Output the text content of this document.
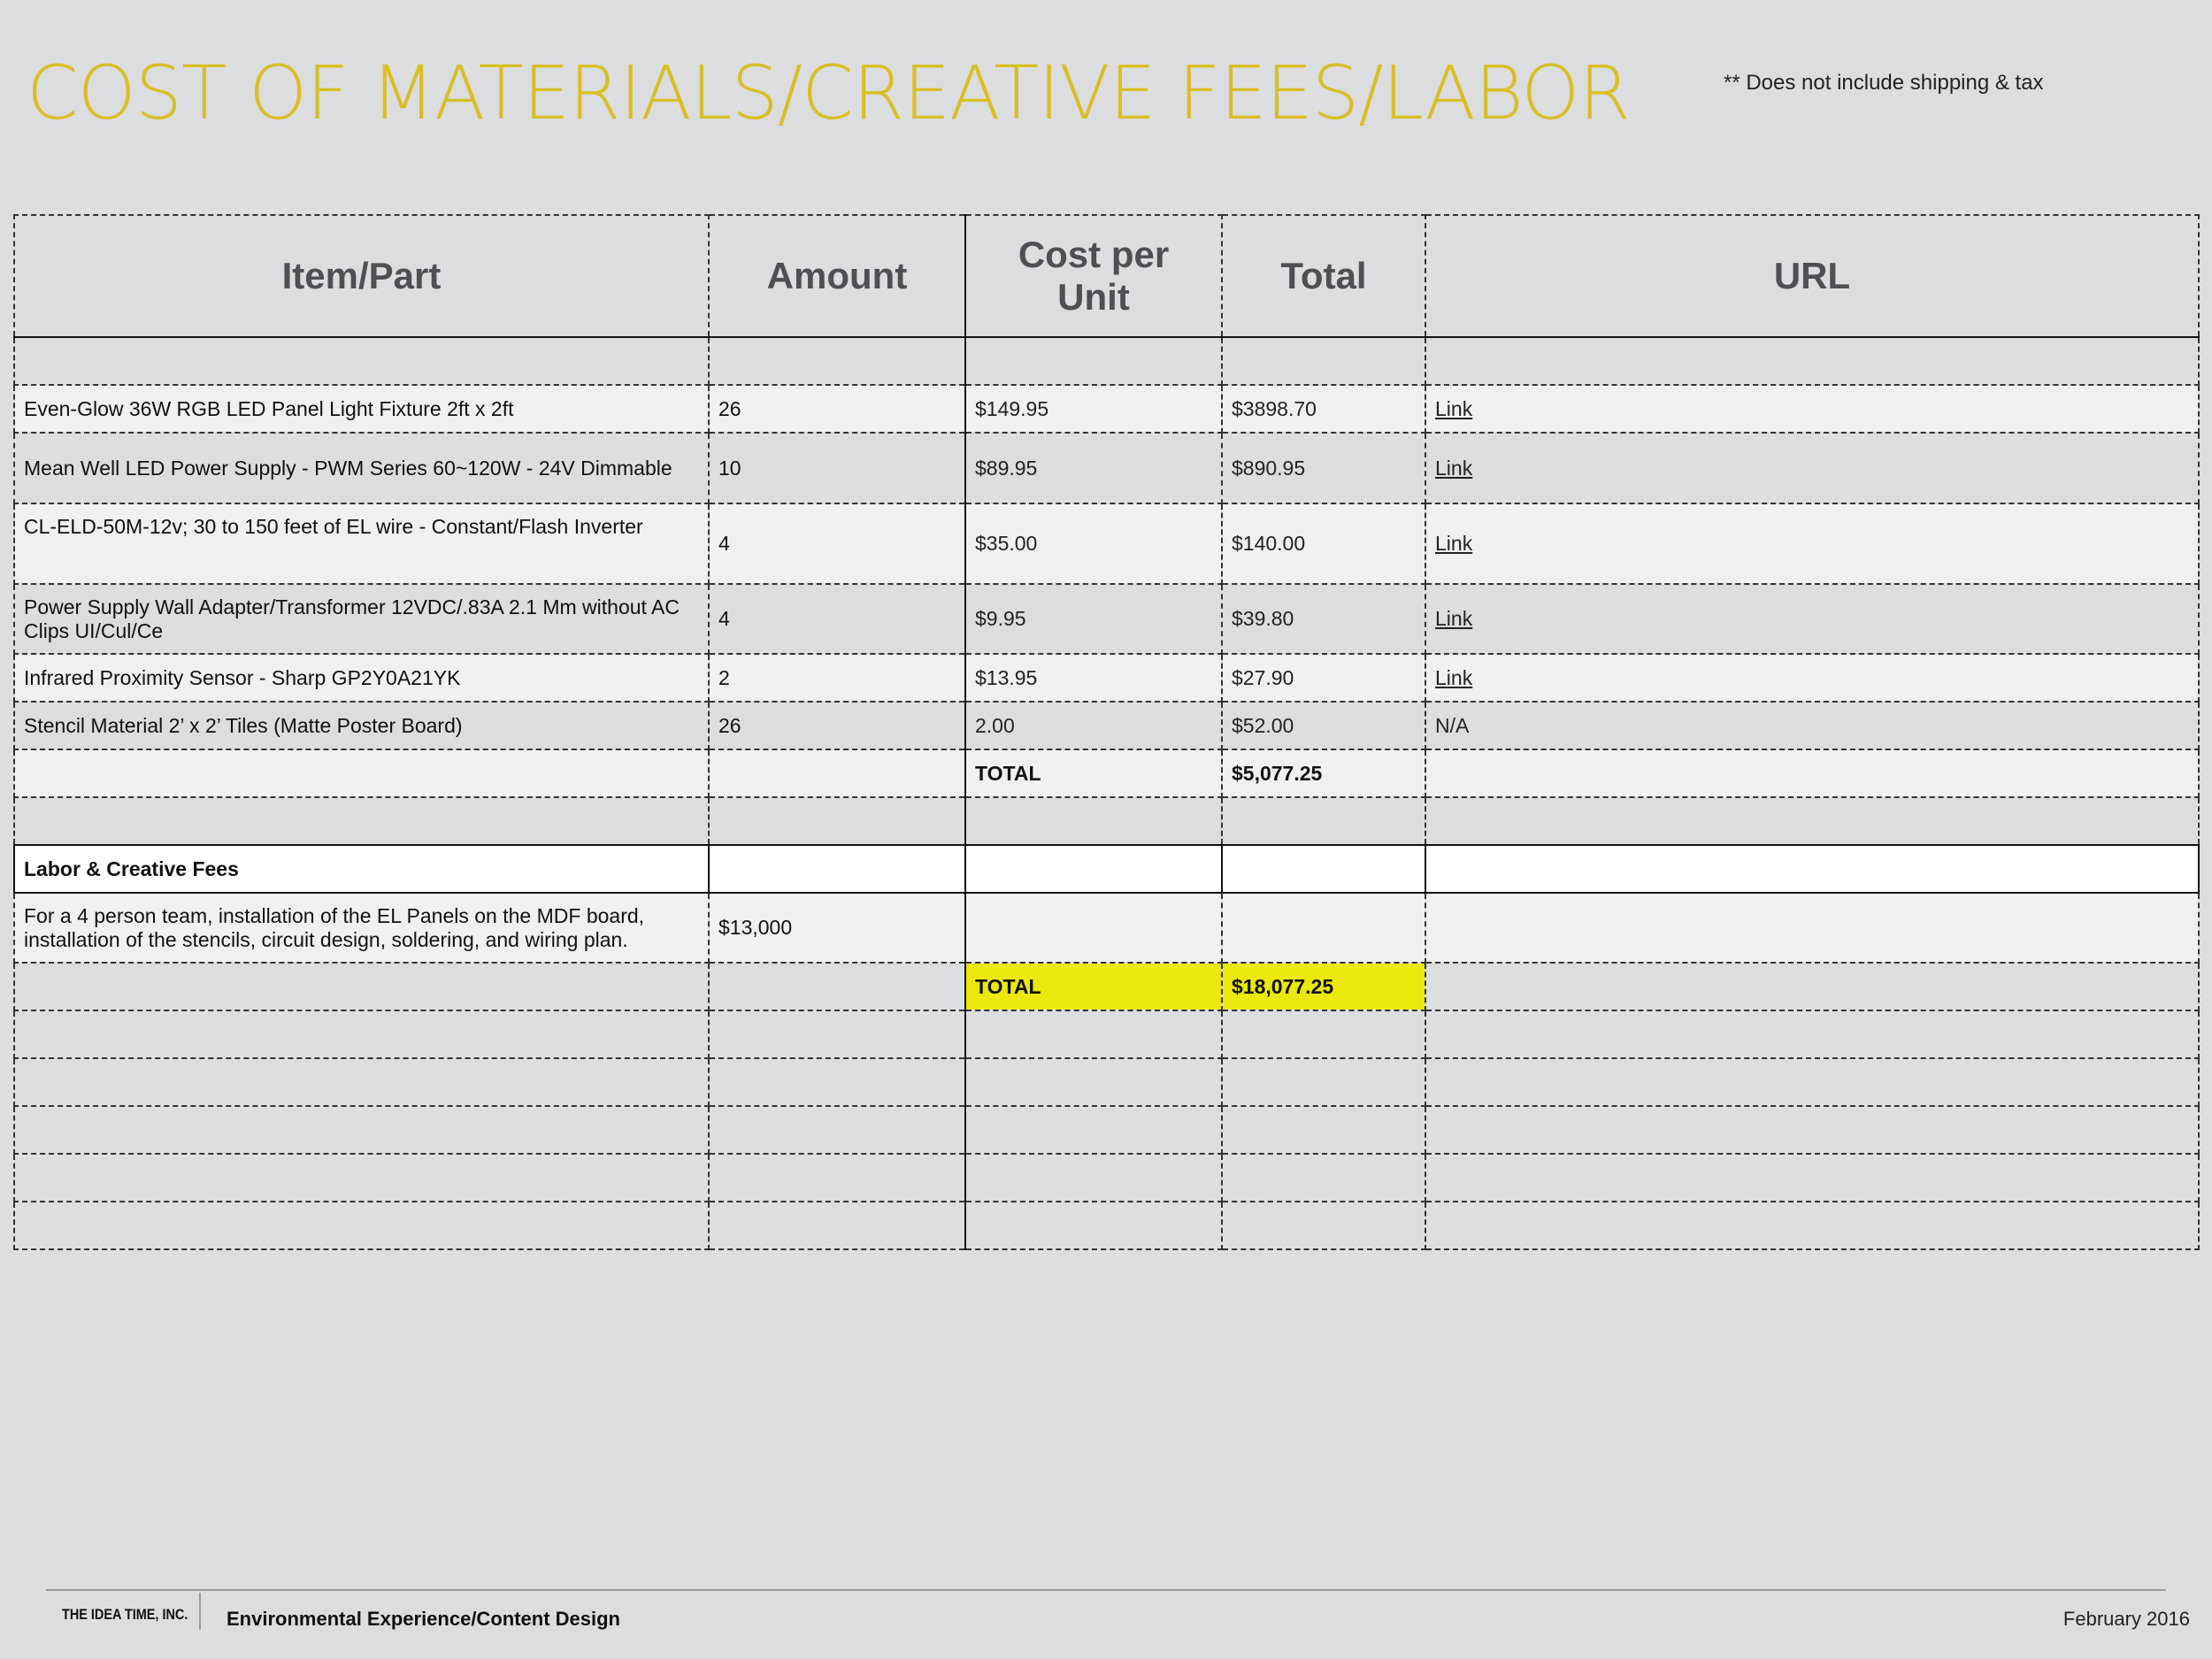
COST OF MATERIALS/CREATIVE FEES/LABOR	** Does not include shipping & tax
Item/Part	Amount	Cost per Unit	Total	URL

Even-Glow 36W RGB LED Panel Light Fixture 2ft x 2ft	26	$149.95	$3898.70	Link
Mean Well LED Power Supply - PWM Series 60~120W - 24V Dimmable	10	$89.95	$890.95	Link
CL-ELD-50M-12v; 30 to 150 feet of EL wire - Constant/Flash Inverter	4	$35.00	$140.00	Link
Power Supply Wall Adapter/Transformer 12VDC/.83A 2.1 Mm without AC Clips UI/Cul/Ce	4	$9.95	$39.80	Link
Infrared Proximity Sensor - Sharp GP2Y0A21YK	2	$13.95	$27.90	Link
Stencil Material 2’ x 2’ Tiles (Matte Poster Board)	26	2.00	$52.00	N/A
		TOTAL	$5,077.25	

Labor & Creative Fees				
For a 4 person team, installation of the EL Panels on the MDF board, installation of the stencils, circuit design, soldering, and wiring plan.	$13,000			
		TOTAL	$18,077.25	

THE IDEA TIME, INC. Environmental Experience/Content Design	February 2016
